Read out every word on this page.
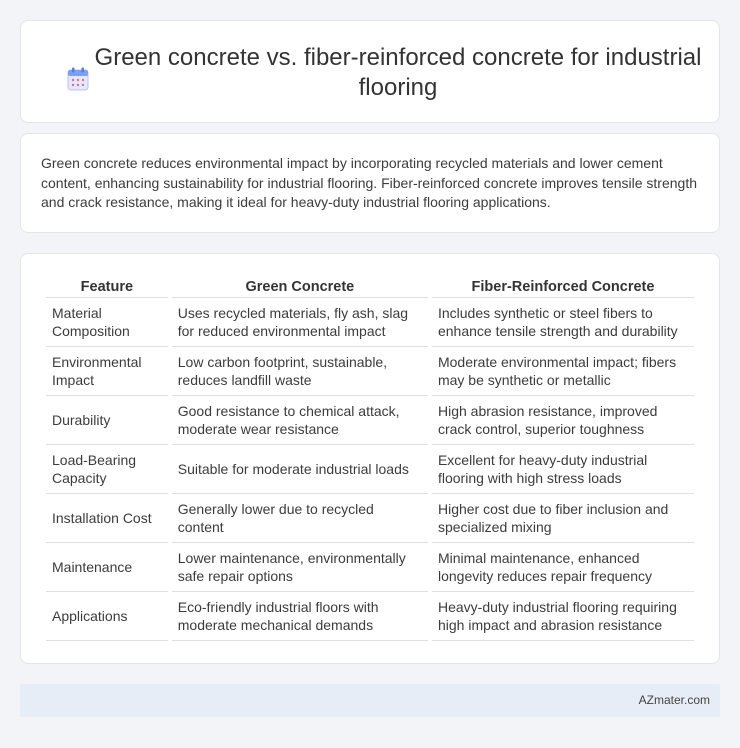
Green concrete vs. fiber-reinforced concrete for industrial flooring

Green concrete reduces environmental impact by incorporating recycled materials and lower cement content, enhancing sustainability for industrial flooring. Fiber-reinforced concrete improves tensile strength and crack resistance, making it ideal for heavy-duty industrial flooring applications.

Feature	Green Concrete	Fiber-Reinforced Concrete
Material Composition	Uses recycled materials, fly ash, slag for reduced environmental impact	Includes synthetic or steel fibers to enhance tensile strength and durability
Environmental Impact	Low carbon footprint, sustainable, reduces landfill waste	Moderate environmental impact; fibers may be synthetic or metallic
Durability	Good resistance to chemical attack, moderate wear resistance	High abrasion resistance, improved crack control, superior toughness
Load-Bearing Capacity	Suitable for moderate industrial loads	Excellent for heavy-duty industrial flooring with high stress loads
Installation Cost	Generally lower due to recycled content	Higher cost due to fiber inclusion and specialized mixing
Maintenance	Lower maintenance, environmentally safe repair options	Minimal maintenance, enhanced longevity reduces repair frequency
Applications	Eco-friendly industrial floors with moderate mechanical demands	Heavy-duty industrial flooring requiring high impact and abrasion resistance
AZmater.com
